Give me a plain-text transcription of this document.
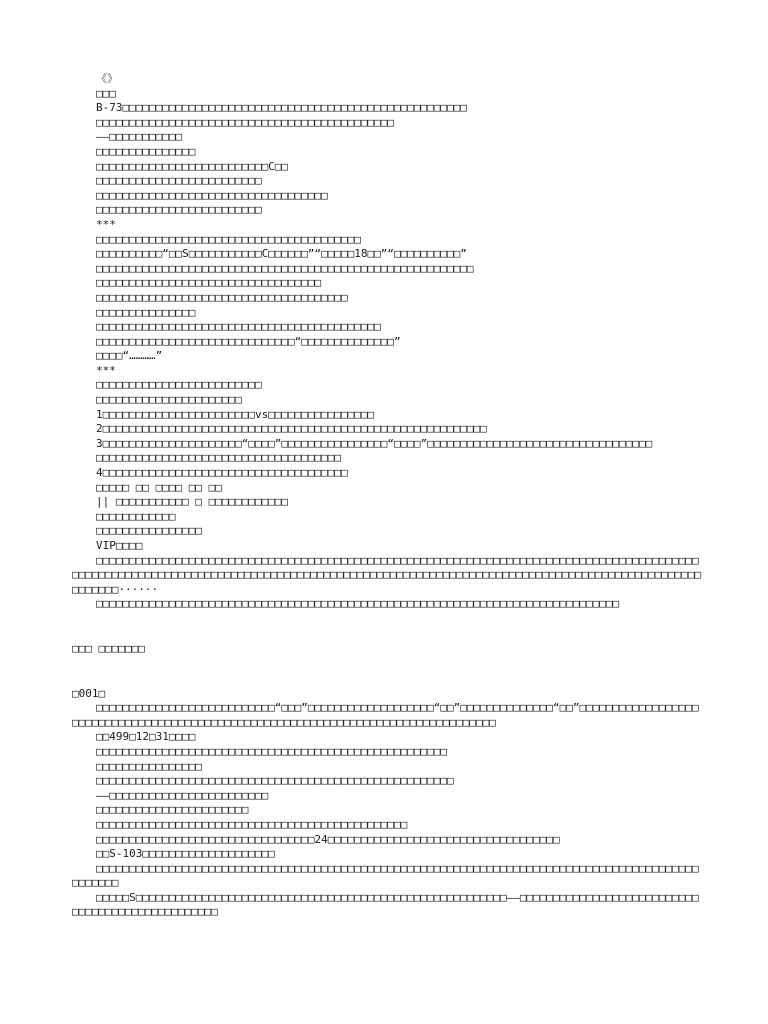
《》
□□□
B-73□□□□□□□□□□□□□□□□□□□□□□□□□□□□□□□□□□□□□□□□□□□□□□□□□□□□
□□□□□□□□□□□□□□□□□□□□□□□□□□□□□□□□□□□□□□□□□□□□□
——□□□□□□□□□□□
□□□□□□□□□□□□□□□
□□□□□□□□□□□□□□□□□□□□□□□□□□C□□
□□□□□□□□□□□□□□□□□□□□□□□□□
□□□□□□□□□□□□□□□□□□□□□□□□□□□□□□□□□□□
□□□□□□□□□□□□□□□□□□□□□□□□□
***
□□□□□□□□□□□□□□□□□□□□□□□□□□□□□□□□□□□□□□□□
□□□□□□□□□□“□□S□□□□□□□□□□□C□□□□□□”“□□□□□18□□”“□□□□□□□□□□”
□□□□□□□□□□□□□□□□□□□□□□□□□□□□□□□□□□□□□□□□□□□□□□□□□□□□□□□□□
□□□□□□□□□□□□□□□□□□□□□□□□□□□□□□□□□□
□□□□□□□□□□□□□□□□□□□□□□□□□□□□□□□□□□□□□□
□□□□□□□□□□□□□□□
□□□□□□□□□□□□□□□□□□□□□□□□□□□□□□□□□□□□□□□□□□□
□□□□□□□□□□□□□□□□□□□□□□□□□□□□□□“□□□□□□□□□□□□□□”
□□□□“…………”
***
□□□□□□□□□□□□□□□□□□□□□□□□□
□□□□□□□□□□□□□□□□□□□□□□
1□□□□□□□□□□□□□□□□□□□□□□□vs□□□□□□□□□□□□□□□□
2□□□□□□□□□□□□□□□□□□□□□□□□□□□□□□□□□□□□□□□□□□□□□□□□□□□□□□□□□□
3□□□□□□□□□□□□□□□□□□□□□“□□□□”□□□□□□□□□□□□□□□□“□□□□”□□□□□□□□□□□□□□□□□□□□□□□□□□□□□□□□□□
□□□□□□□□□□□□□□□□□□□□□□□□□□□□□□□□□□□□□
4□□□□□□□□□□□□□□□□□□□□□□□□□□□□□□□□□□□□□
□□□□□ □□ □□□□ □□ □□
|| □□□□□□□□□□□ □ □□□□□□□□□□□□
□□□□□□□□□□□□
□□□□□□□□□□□□□□□□
VIP□□□□
□□□□□□□□□□□□□□□□□□□□□□□□□□□□□□□□□□□□□□□□□□□□□□□□□□□□□□□□□□□□□□□□□□□□□□□□□□□□□□□□□□□□□□□□□□□□□□□□□□□□□□□□□□□□□□□□□□□□□□□□□□□□□□□□□□□□□□□□□□□□□□□□□□□□□□□□□□□□□□□□□□□□□□□□□□□□□□□□□□□□□□□□□□□□□□□□□······
□□□□□□□□□□□□□□□□□□□□□□□□□□□□□□□□□□□□□□□□□□□□□□□□□□□□□□□□□□□□□□□□□□□□□□□□□□□□□□□
□□□ □□□□□□□
□001□
□□□□□□□□□□□□□□□□□□□□□□□□□□□“□□□”□□□□□□□□□□□□□□□□□□□“□□”□□□□□□□□□□□□□□“□□”□□□□□□□□□□□□□□□□□□□□□□□□□□□□□□□□□□□□□□□□□□□□□□□□□□□□□□□□□□□□□□□□□□□□□□□□□□□□□□□□□□
□□499□12□31□□□□
□□□□□□□□□□□□□□□□□□□□□□□□□□□□□□□□□□□□□□□□□□□□□□□□□□□□□
□□□□□□□□□□□□□□□□
□□□□□□□□□□□□□□□□□□□□□□□□□□□□□□□□□□□□□□□□□□□□□□□□□□□□□□
——□□□□□□□□□□□□□□□□□□□□□□□□
□□□□□□□□□□□□□□□□□□□□□□□
□□□□□□□□□□□□□□□□□□□□□□□□□□□□□□□□□□□□□□□□□□□□□□□
□□□□□□□□□□□□□□□□□□□□□□□□□□□□□□□□□24□□□□□□□□□□□□□□□□□□□□□□□□□□□□□□□□□□□
□□S-103□□□□□□□□□□□□□□□□□□□□
□□□□□□□□□□□□□□□□□□□□□□□□□□□□□□□□□□□□□□□□□□□□□□□□□□□□□□□□□□□□□□□□□□□□□□□□□□□□□□□□□□□□□□□□□□□□□□□□□□
□□□□□S□□□□□□□□□□□□□□□□□□□□□□□□□□□□□□□□□□□□□□□□□□□□□□□□□□□□□□□□——□□□□□□□□□□□□□□□□□□□□□□□□□□□□□□□□□□□□□□□□□□□□□□□□□
